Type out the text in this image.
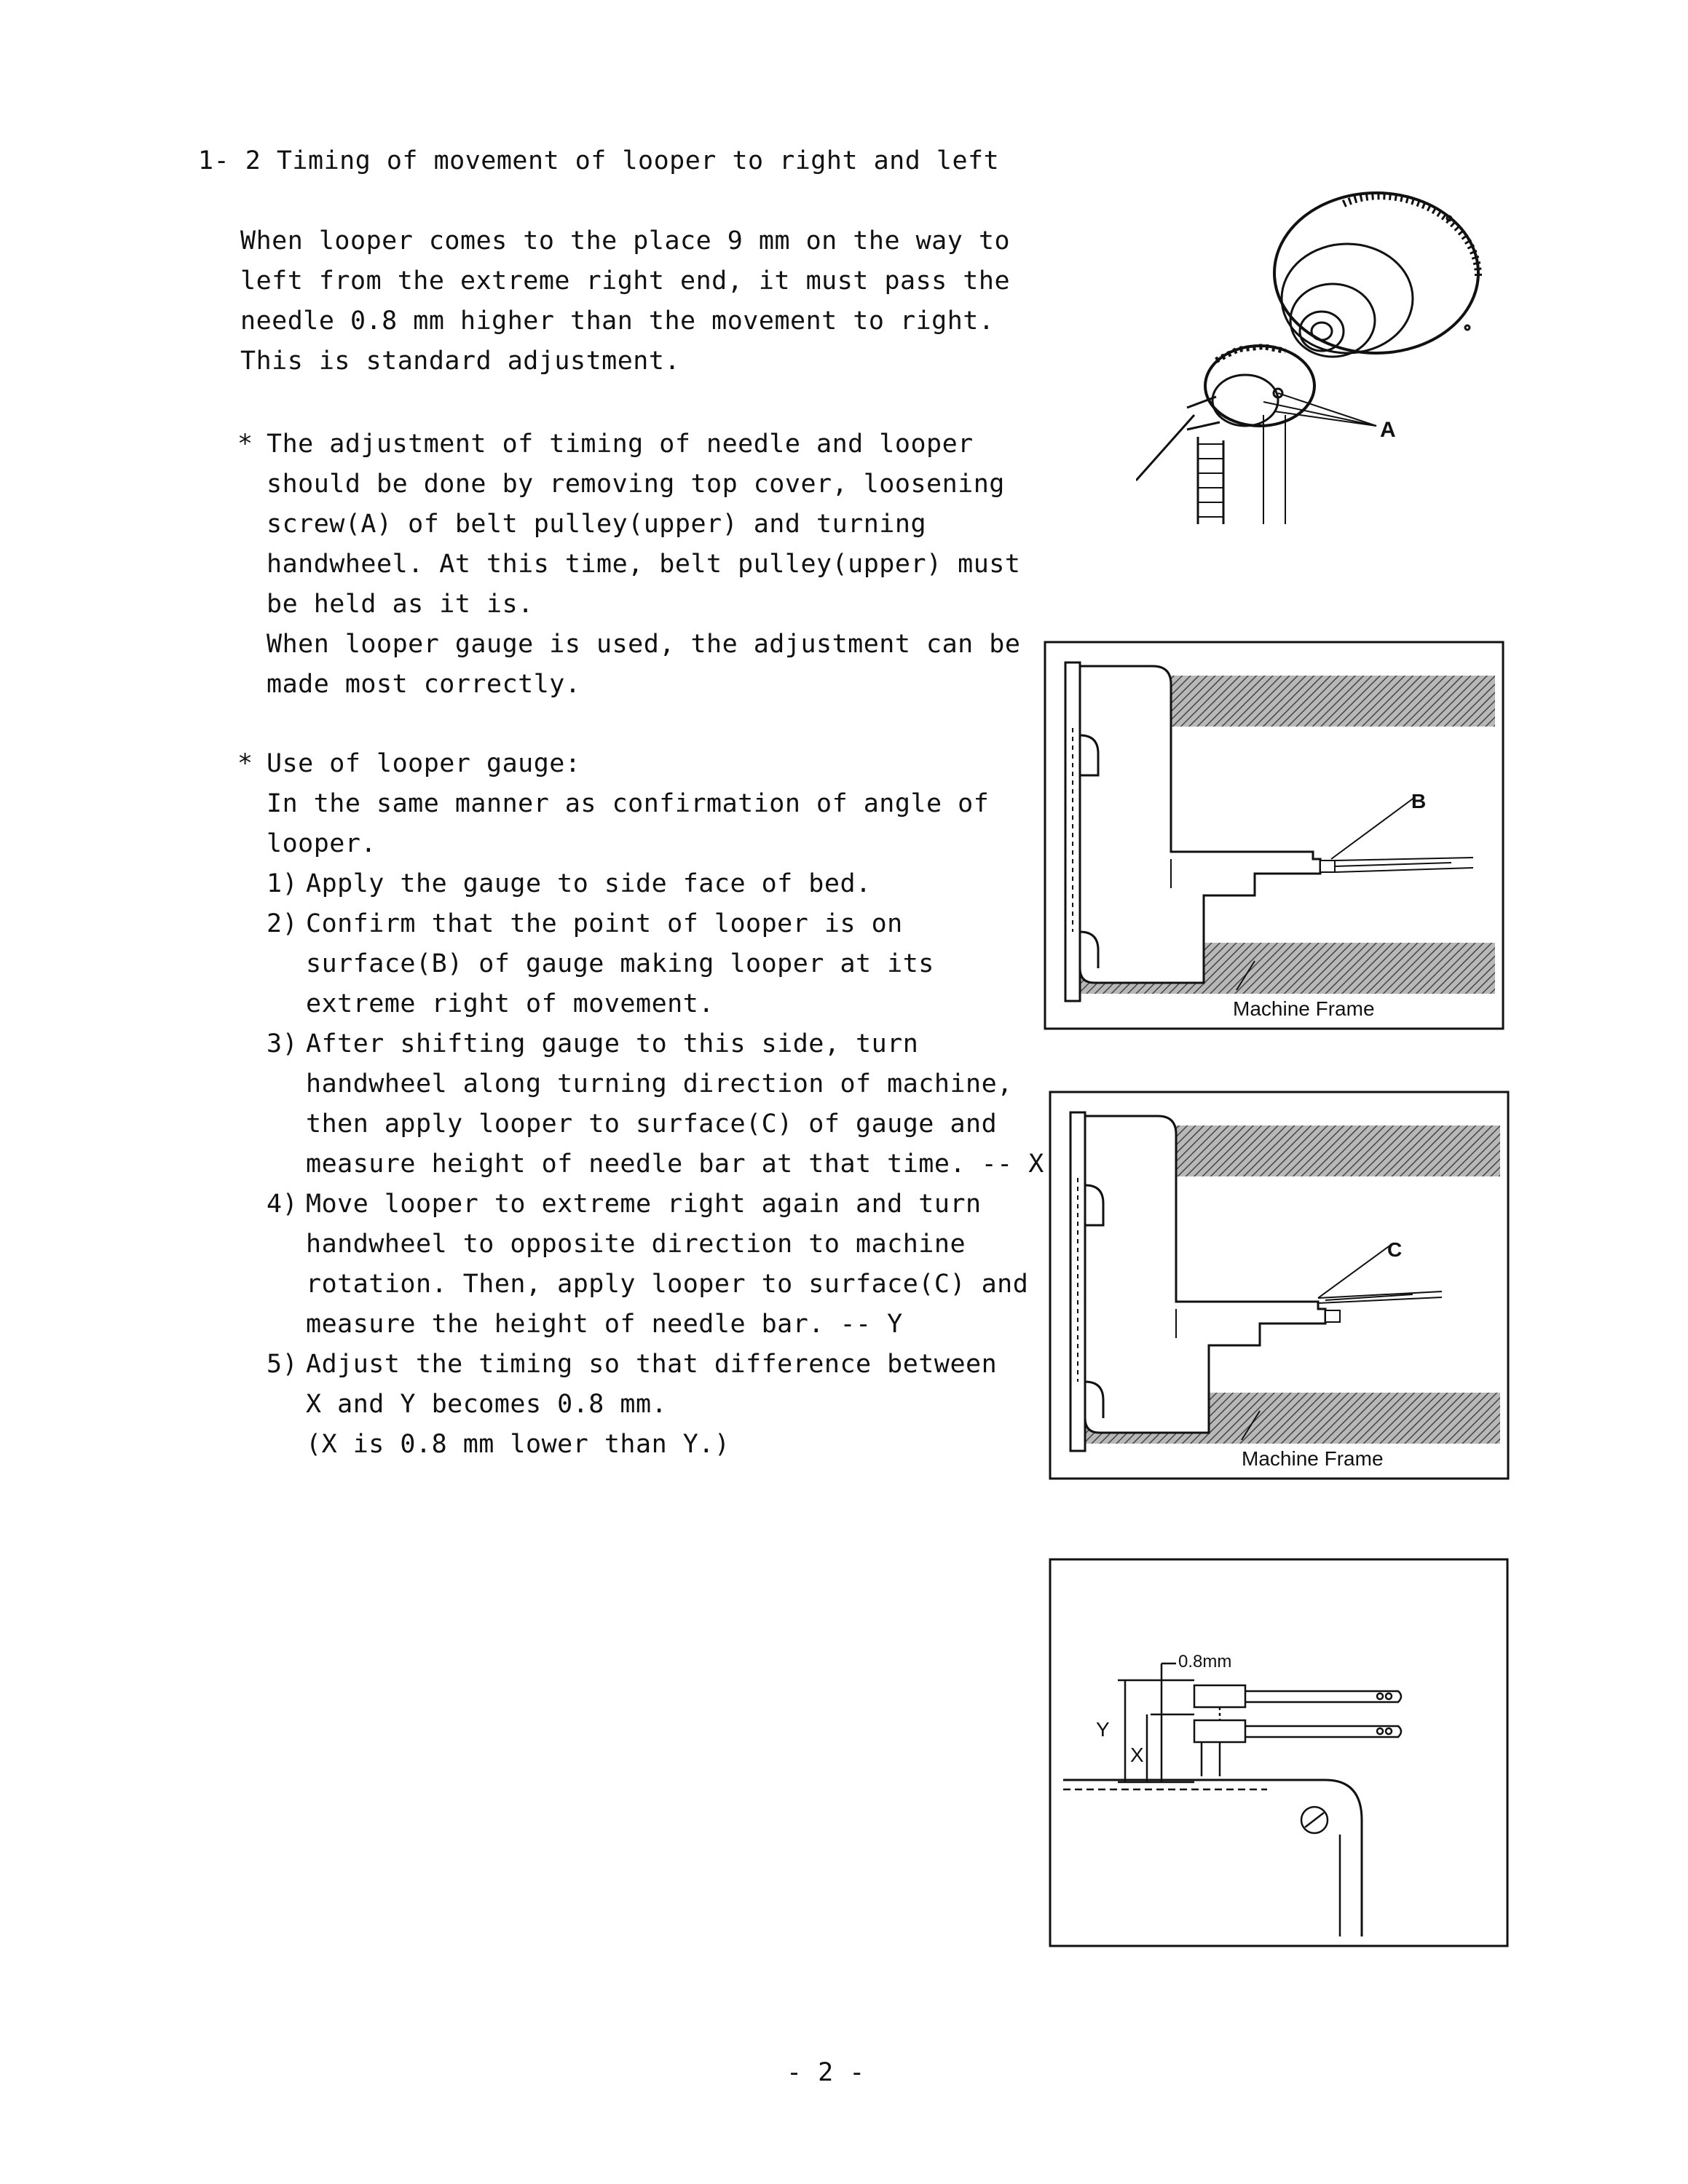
1- 2 Timing of movement of looper to right and left
When looper comes to the place 9 mm on the way to
left from the extreme right end, it must pass the
needle 0.8 mm higher than the movement to right.
This is standard adjustment.
* The adjustment of timing of needle and looper
should be done by removing top cover, loosening
screw(A) of belt pulley(upper) and turning
handwheel. At this time, belt pulley(upper) must
be held as it is.
When looper gauge is used, the adjustment can be
made most correctly.
* Use of looper gauge:
In the same manner as confirmation of angle of
looper.
1) Apply the gauge to side face of bed.
2) Confirm that the point of looper is on
surface(B) of gauge making looper at its
extreme right of movement.
3) After shifting gauge to this side, turn
handwheel along turning direction of machine,
then apply looper to surface(C) of gauge and
measure height of needle bar at that time. -- X
4) Move looper to extreme right again and turn
handwheel to opposite direction to machine
rotation. Then, apply looper to surface(C) and
measure the height of needle bar. -- Y
5) Adjust the timing so that difference between
X and Y becomes 0.8 mm.
(X is 0.8 mm lower than Y.)
A
B
Machine Frame
C
Machine Frame
0.8mm
Y
X
- 2 -
